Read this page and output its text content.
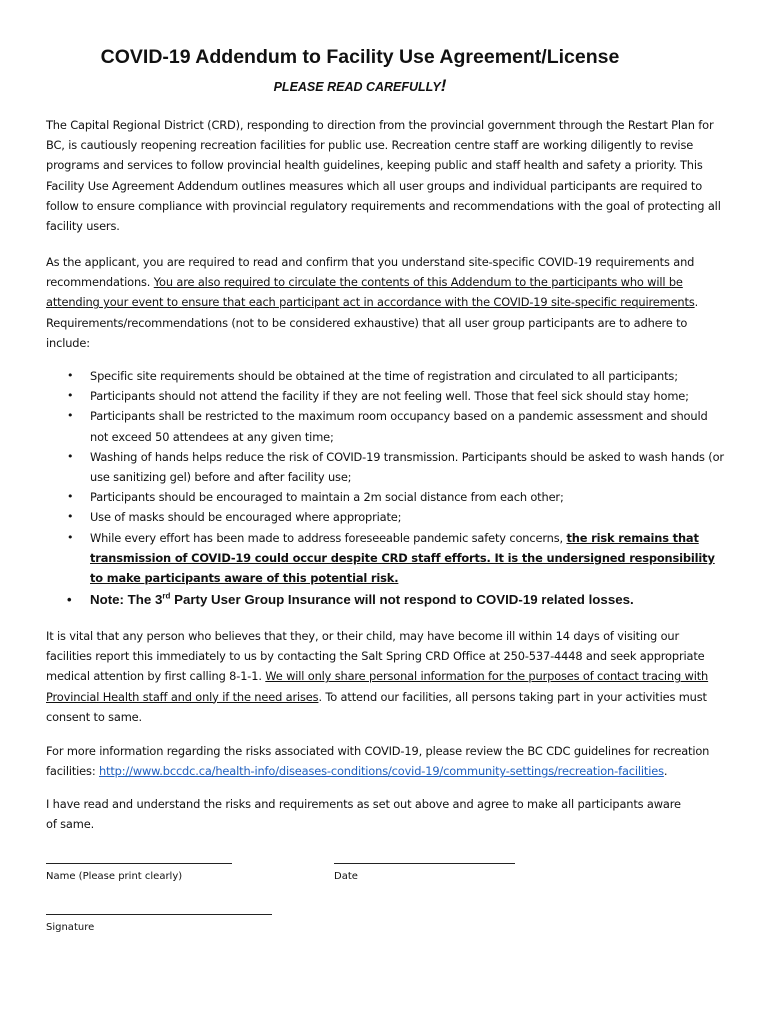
COVID-19 Addendum to Facility Use Agreement/License

PLEASE READ CAREFULLY!

The Capital Regional District (CRD), responding to direction from the provincial government through the Restart Plan for BC, is cautiously reopening recreation facilities for public use. Recreation centre staff are working diligently to revise programs and services to follow provincial health guidelines, keeping public and staff health and safety a priority. This Facility Use Agreement Addendum outlines measures which all user groups and individual participants are required to follow to ensure compliance with provincial regulatory requirements and recommendations with the goal of protecting all facility users.

As the applicant, you are required to read and confirm that you understand site-specific COVID-19 requirements and recommendations. You are also required to circulate the contents of this Addendum to the participants who will be attending your event to ensure that each participant act in accordance with the COVID-19 site-specific requirements. Requirements/recommendations (not to be considered exhaustive) that all user group participants are to adhere to include:

• Specific site requirements should be obtained at the time of registration and circulated to all participants;
• Participants should not attend the facility if they are not feeling well. Those that feel sick should stay home;
• Participants shall be restricted to the maximum room occupancy based on a pandemic assessment and should not exceed 50 attendees at any given time;
• Washing of hands helps reduce the risk of COVID-19 transmission. Participants should be asked to wash hands (or use sanitizing gel) before and after facility use;
• Participants should be encouraged to maintain a 2m social distance from each other;
• Use of masks should be encouraged where appropriate;
• While every effort has been made to address foreseeable pandemic safety concerns, the risk remains that transmission of COVID-19 could occur despite CRD staff efforts. It is the undersigned responsibility to make participants aware of this potential risk.
• Note: The 3rd Party User Group Insurance will not respond to COVID-19 related losses.

It is vital that any person who believes that they, or their child, may have become ill within 14 days of visiting our facilities report this immediately to us by contacting the Salt Spring CRD Office at 250-537-4448 and seek appropriate medical attention by first calling 8-1-1. We will only share personal information for the purposes of contact tracing with Provincial Health staff and only if the need arises. To attend our facilities, all persons taking part in your activities must consent to same.

For more information regarding the risks associated with COVID-19, please review the BC CDC guidelines for recreation facilities: http://www.bccdc.ca/health-info/diseases-conditions/covid-19/community-settings/recreation-facilities.

I have read and understand the risks and requirements as set out above and agree to make all participants aware of same.

Name (Please print clearly)	Date

Signature
